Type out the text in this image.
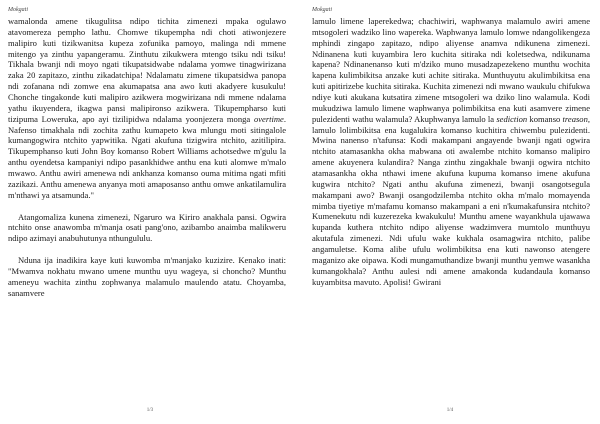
Mokgati

wamalonda amene tikugulitsa ndipo tichita zimenezi mpaka ogulawo atavomereza pempho lathu. Chomwe tikupempha ndi choti atiwonjezere malipiro kuti tizikwanitsa kupeza zofunika pamoyo, malinga ndi mmene mitengo ya zinthu yapangeramu. Zinthutu zikukwera mtengo tsiku ndi tsiku! Tikhala bwanji ndi moyo ngati tikupatsidwabe ndalama yomwe tinagwirizana zaka 20 zapitazo, zinthu zikadatchipa! Ndalamatu zimene tikupatsidwa panopa ndi zofanana ndi zomwe ena akumapatsa ana awo kuti akadyere kusukulu! Chonche tingakonde kuti malipiro azikwera mogwirizana ndi mmene ndalama yathu ikuyendera, ikagwa pansi malipironso azikwera. Tikupempharso kuti tizipuma Loweruka, apo ayi tizilipidwa ndalama yoonjezera monga overtime. Nafenso timakhala ndi zochita zathu kumapeto kwa mlungu moti sitingalole kumangogwira ntchito yapwitika. Ngati akufuna tizigwira ntchito, azitilipira. Tikupemphanso kuti John Boy komanso Robert Williams achotsedwe m'gulu la anthu oyendetsa kampaniyi ndipo pasankhidwe anthu ena kuti alomwe m'malo mwawo. Anthu awiri amenewa ndi ankhanza komanso ouma mitima ngati mfiti zazikazi. Anthu amenewa anyanya moti amaposanso anthu omwe ankatilamulira m'nthawi ya atsamunda."

Atangomaliza kunena zimenezi, Ngaruro wa Kiriro anakhala pansi. Ogwira ntchito onse anawomba m'manja osati pang'ono, azibambo anaimba malikweru ndipo azimayi anabuhutunya nthungululu.

Nduna ija inadikira kaye kuti kuwomba m'manjako kuzizire. Kenako inati: "Mwamva nokhatu mwano umene munthu uyu wageya, si choncho? Munthu ameneyu wachita zinthu zophwanya malamulo maulendo atatu. Choyamba, sanamvere

1/3
Mokgati

lamulo limene laperekedwa; chachiwiri, waphwanya malamulo awiri amene mtsogoleri wadziko lino wapereka. Waphwanya lamulo lomwe ndangolikengeza mphindi zingapo zapitazo, ndipo aliyense anamva ndikunena zimenezi. Ndinanena kuti kuyambira lero kuchita sitiraka ndi koletsedwa, ndikunama kapena? Ndinanenanso kuti m'dziko muno musadzapezekeno munthu wochita kapena kulimbikitsa anzake kuti achite sitiraka. Munthuyutu akulimbikitsa ena kuti apitirizebe kuchita sitiraka. Kuchita zimenezi ndi mwano waukulu chifukwa ndiye kuti akukana kutsatira zimene mtsogoleri wa dziko lino walamula. Kodi mukudziwa lamulo limene waphwanya polimbikitsa ena kuti asamvere zimene pulezidenti wathu walamula? Akuphwanya lamulo la sediction komanso treason, lamulo lolimbikitsa ena kugalukira komanso kuchitira chiwembu pulezidenti. Mwina nanenso n'tafunsa: Kodi makampani angayende bwanji ngati ogwira ntchito atamasankha okha mabwana oti awalembe ntchito komanso malipiro amene akuyenera kulandira? Nanga zinthu zingakhale bwanji ogwira ntchito atamasankha okha nthawi imene akufuna kupuma komanso imene akufuna kugwira ntchito? Ngati anthu akufuna zimenezi, bwanji osangotsegula makampani awo? Bwanji osangodzilemba ntchito okha m'malo momayenda mimba tiyetiye m'mafamu komanso makampani a eni n'kumakafunsira ntchito? Kumenekutu ndi kuzerezeka kwakukulu! Munthu amene wayankhula ujawawa kupanda kuthera ntchito ndipo aliyense wadzimvera mumtolo munthuyu akutafula zimenezi. Ndi ufulu wake kukhala osamagwira ntchito, palibe angamuletse. Koma alibe ufulu wolimbikitsa ena kuti nawonso atengere maganizo ake oipawa. Kodi mungamuthandize bwanji munthu yemwe wasankha kumangokhala? Anthu aulesi ndi amene amakonda kudandaula komanso kuyambitsa mavuto. Apolisi! Gwirani

1/4
